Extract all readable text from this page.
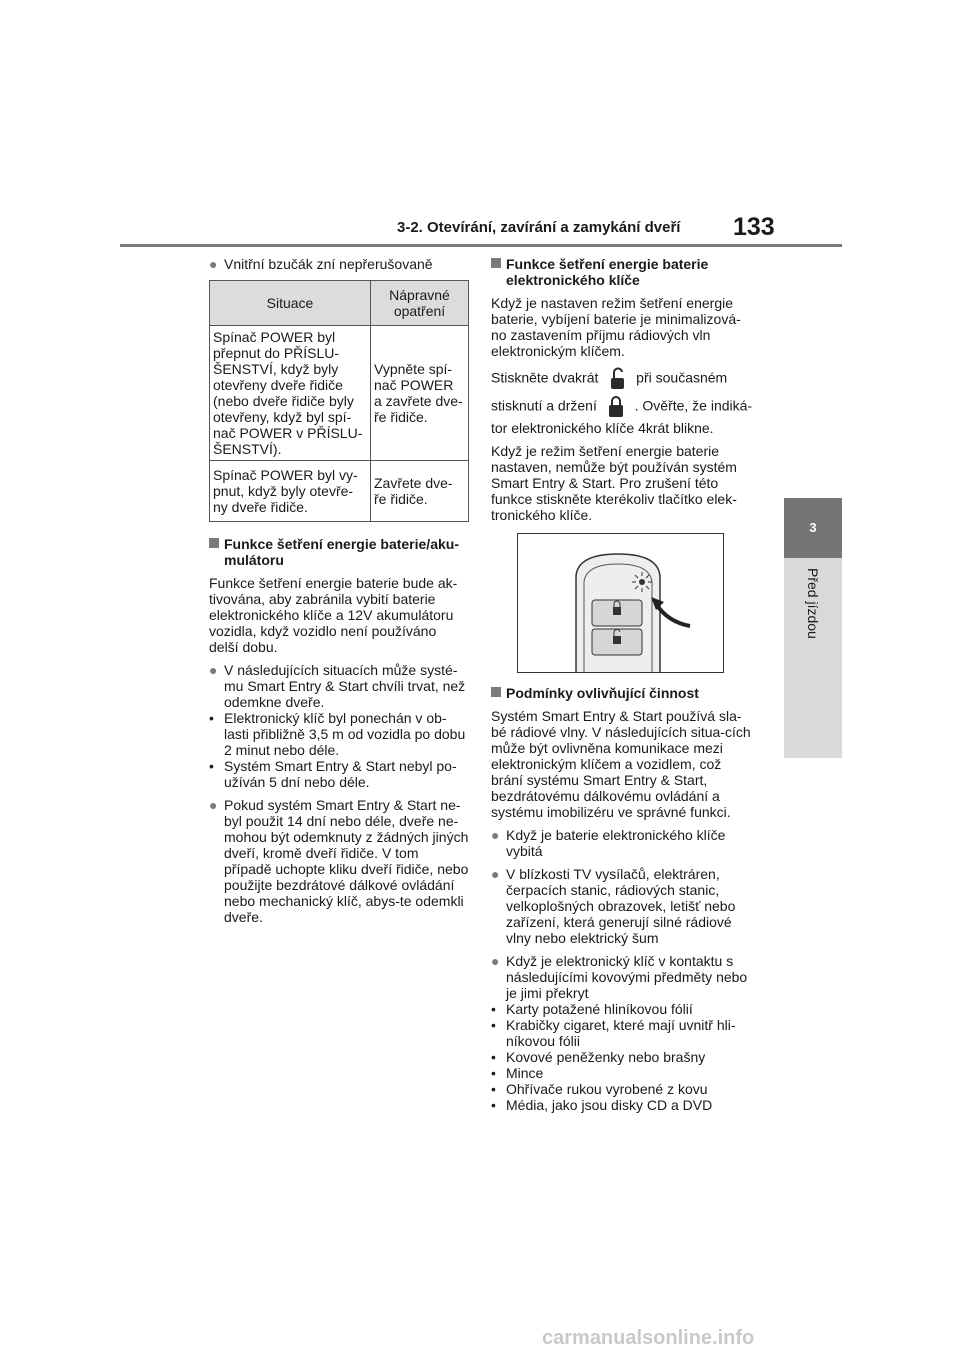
3-2. Otevírání, zavírání a zamykání dveří 133
3
Před jízdou
● Vnitřní bzučák zní nepřerušovaně
Situace	Nápravné opatření
Spínač POWER byl přepnut do PŘÍSLU-ŠENSTVÍ, když byly otevřeny dveře řidiče (nebo dveře řidiče byly otevřeny, když byl spí-nač POWER v PŘÍSLU-ŠENSTVÍ).	Vypněte spí-nač POWER a zavřete dve-ře řidiče.
Spínač POWER byl vy-pnut, když byly otevře-ny dveře řidiče.	Zavřete dve-ře řidiče.
Funkce šetření energie baterie/aku-mulátoru

Funkce šetření energie baterie bude ak-tivována, aby zabránila vybití baterie elektronického klíče a 12V akumulátoru vozidla, když vozidlo není používáno delší dobu.

● V následujících situacích může systé-mu Smart Entry & Start chvíli trvat, než odemkne dveře.
• Elektronický klíč byl ponechán v ob-lasti přibližně 3,5 m od vozidla po dobu 2 minut nebo déle.
• Systém Smart Entry & Start nebyl po-užíván 5 dní nebo déle.
● Pokud systém Smart Entry & Start ne-byl použit 14 dní nebo déle, dveře ne-mohou být odemknuty z žádných jiných dveří, kromě dveří řidiče. V tom případě uchopte kliku dveří řidiče, nebo použijte bezdrátové dálkové ovládání nebo mechanický klíč, abys-te odemkli dveře.
Funkce šetření energie baterie elektronického klíče

Když je nastaven režim šetření energie baterie, vybíjení baterie je minimalizová-no zastavením příjmu rádiových vln elektronickým klíčem.

Stiskněte dvakrát	při současném

stisknutí a držení	. Ověřte, že indiká-tor elektronického klíče 4krát blikne.

Když je režim šetření energie baterie nastaven, nemůže být používán systém Smart Entry & Start. Pro zrušení této funkce stiskněte kterékoliv tlačítko elek-tronického klíče.

Podmínky ovlivňující činnost

Systém Smart Entry & Start používá sla-bé rádiové vlny. V následujících situa-cích může být ovlivněna komunikace mezi elektronickým klíčem a vozidlem, což brání systému Smart Entry & Start, bezdrátovému dálkovému ovládání a systému imobilizéru ve správné funkci.

● Když je baterie elektronického klíče vybitá
● V blízkosti TV vysílačů, elektráren, čerpacích stanic, rádiových stanic, velkoplošných obrazovek, letišť nebo zařízení, která generují silné rádiové vlny nebo elektrický šum
● Když je elektronický klíč v kontaktu s následujícími kovovými předměty nebo je jimi překryt
• Karty potažené hliníkovou fólií
• Krabičky cigaret, které mají uvnitř hli-níkovou fólii
• Kovové peněženky nebo brašny
• Mince
• Ohřívače rukou vyrobené z kovu
• Média, jako jsou disky CD a DVD
carmanualsonline.info
